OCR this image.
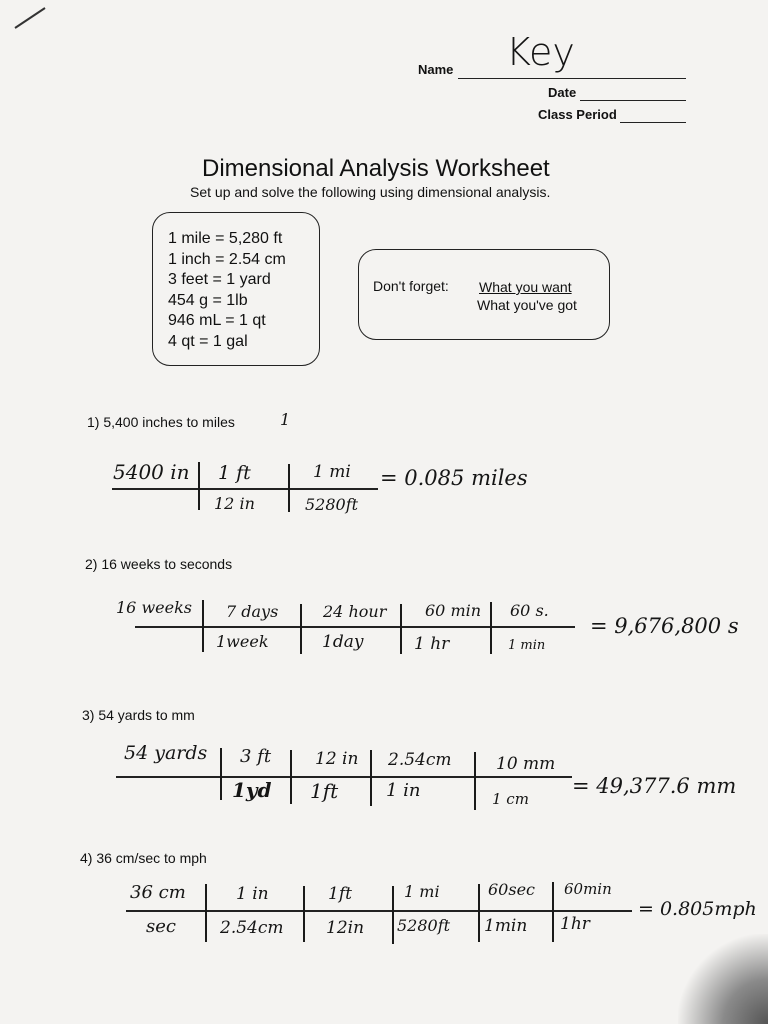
Name Key
Date
Class Period
Dimensional Analysis Worksheet
Set up and solve the following using dimensional analysis.
1 mile = 5,280 ft
1 inch = 2.54 cm
3 feet = 1 yard
454 g = 1lb
946 mL = 1 qt
4 qt = 1 gal
Don't forget: What you want
What you've got
1) 5,400 inches to miles	1
5400 in 1 ft
12 in
1 mi
5280ft
= 0.085 miles
2) 16 weeks to seconds
16 weeks 7 days
1week
24 hour
1day
60 min
1 hr
60 s.
1 min
= 9,676,800 s
3) 54 yards to mm
54 yards 3 ft
1yd
12 in
1ft
2.54cm
1 in
10 mm
1 cm
= 49,377.6 mm
4) 36 cm/sec to mph
36 cm
sec
1 in
2.54cm
1ft
12in
1 mi
5280ft
60sec
1min
60min
1hr
= 0.805mph
